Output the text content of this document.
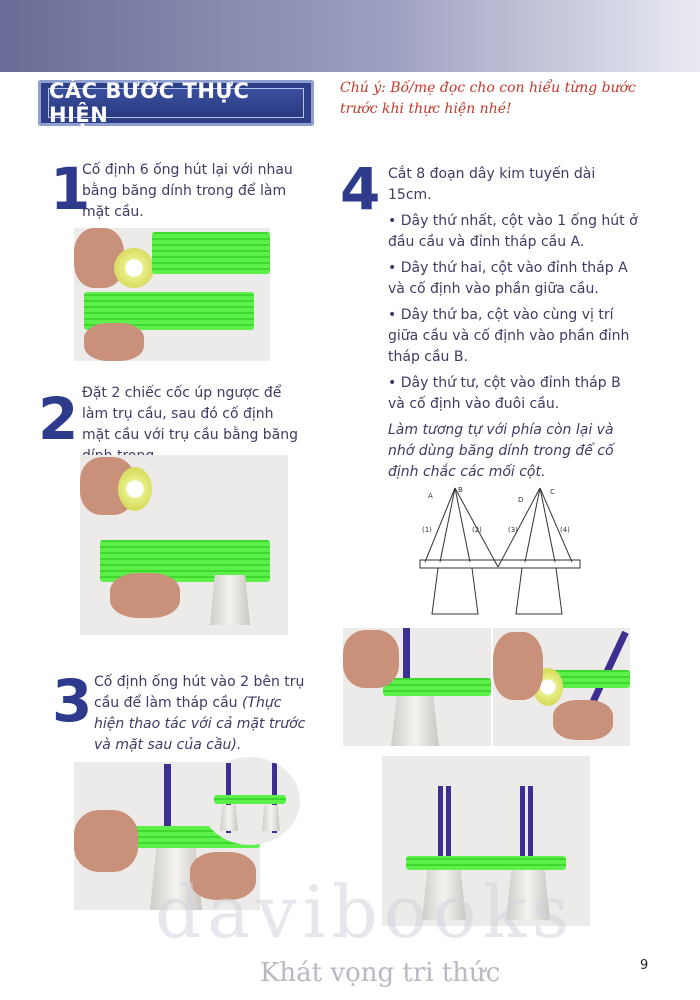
CÁC BƯỚC THỰC HIỆN
Chú ý: Bố/mẹ đọc cho con hiểu từng bước trước khi thực hiện nhé!
1
Cố định 6 ống hút lại với nhau bằng băng dính trong để làm mặt cầu.
2 Đặt 2 chiếc cốc úp ngược để làm trụ cầu, sau đó cố định mặt cầu với trụ cầu bằng băng
3 Cố định ống hút vào 2 bên trụ cầu để làm tháp cầu (Thực hiện thao tác với cả mặt trước và mặt sau của cầu).
4 Cắt 8 đoạn dây kim tuyến dài 15cm.
• Dây thứ nhất, cột vào 1 ống hút ở đầu cầu và đỉnh tháp cầu A.
• Dây thứ hai, cột vào đỉnh tháp A và cố định vào phần giữa cầu.
• Dây thứ ba, cột vào cùng vị trí giữa cầu và cố định vào phần đỉnh tháp cầu B.
• Dây thứ tư, cột vào đỉnh tháp B và cố định vào đuôi cầu.
Làm tương tự với phía còn lại và nhớ dùng băng dính trong để cố định chắc các mối cột.
A
B
D
C
(1)	(2)	(3)	(4)
davibooks
Khát vọng tri thức	9
